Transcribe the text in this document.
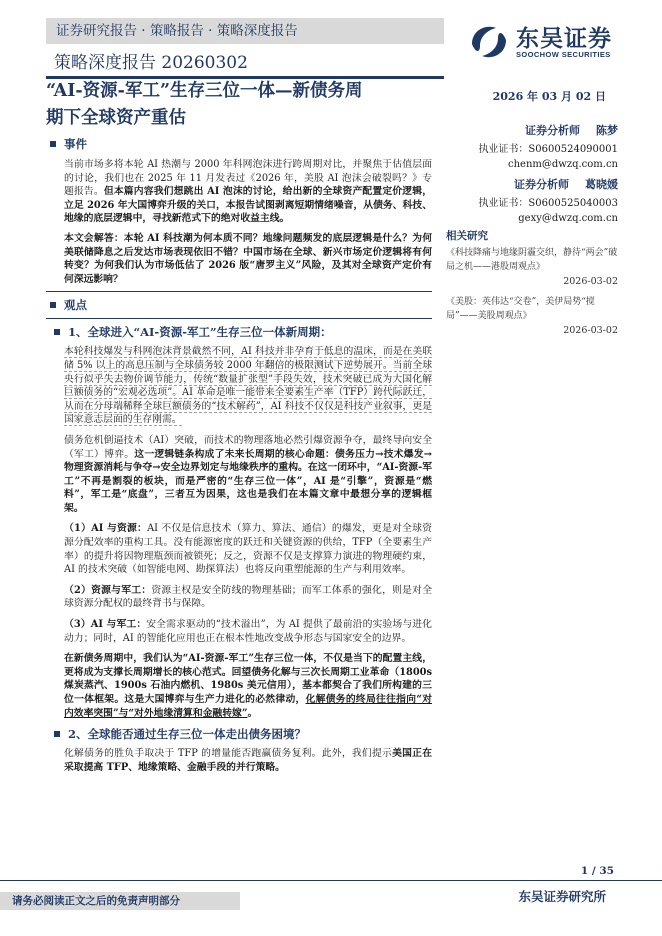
证券研究报告 · 策略报告 · 策略深度报告
策略深度报告 20260302
东吴证券
SOOCHOW SECURITIES
“AI-资源-军工”生存三位一体—新债务周
期下全球资产重估
2026 年 03 月 02 日
证券分析师 陈梦
执业证书：S0600524090001
chenm@dwzq.com.cn
证券分析师 葛晓媛
执业证书：S0600525040003
gexy@dwzq.com.cn
相关研究
《科技降痛与地缘阴霾交织，静待“两会”破局之机——港股周观点》
2026-03-02
《美股：英伟达“交卷”，美伊局势“搅局”——美股周观点》
2026-03-02
事件

当前市场多将本轮 AI 热潮与 2000 年科网泡沫进行跨周期对比，并聚焦于估值层面的讨论，我们也在 2025 年 11 月发表过《2026 年，美股 AI 泡沫会破裂吗？》专题报告。但本篇内容我们想跳出 AI 泡沫的讨论，给出新的全球资产配置定价逻辑，立足 2026 年大国博弈升级的关口，本报告试图剥离短期情绪噪音，从债务、科技、地缘的底层逻辑中，寻找新范式下的绝对收益主线。

本文会解答：本轮 AI 科技潮为何本质不同？地缘问题频发的底层逻辑是什么？为何美联储降息之后发达市场表现依旧不错？中国市场在全球、新兴市场定价逻辑将有何转变？为何我们认为市场低估了 2026 版“唐罗主义”风险，及其对全球资产定价有何深远影响？

观点
1、全球进入“AI-资源-军工”生存三位一体新周期：

本轮科技爆发与科网泡沫背景截然不同，AI 科技并非孕育于低息的温床，而是在美联储 5% 以上的高息压制与全球债务较 2000 年翻倍的极限测试下逆势展开。当前全球央行似乎失去物价调节能力，传统“数量扩张型”手段失效，技术突破已成为大国化解巨额债务的“宏观必选项”。AI 革命是唯一能带来全要素生产率（TFP）跨代际跃迁，从而在分母端稀释全球巨额债务的“技术解药”，AI 科技不仅仅是科技产业叙事，更是国家意志层面的生存刚需。

债务危机倒逼技术（AI）突破，而技术的物理落地必然引爆资源争夺，最终导向安全（军工）博弈。这一逻辑链条构成了未来长周期的核心命题：债务压力→技术爆发→物理资源消耗与争夺→安全边界划定与地缘秩序的重构。在这一闭环中，“AI-资源-军工”不再是割裂的板块，而是严密的“生存三位一体”，AI 是“引擎”，资源是“燃料”，军工是“底盘”，三者互为因果，这也是我们在本篇文章中最想分享的逻辑框架。

（1）AI 与资源：AI 不仅是信息技术（算力、算法、通信）的爆发，更是对全球资源分配效率的重构工具。没有能源密度的跃迁和关键资源的供给，TFP（全要素生产率）的提升将因物理瓶颈而被锁死；反之，资源不仅是支撑算力演进的物理硬约束，AI 的技术突破（如智能电网、勘探算法）也将反向重塑能源的生产与利用效率。

（2）资源与军工：资源主权是安全防线的物理基础；而军工体系的强化，则是对全球资源分配权的最终背书与保障。

（3）AI 与军工：安全需求驱动的“技术溢出”，为 AI 提供了最前沿的实验场与进化动力；同时，AI 的智能化应用也正在根本性地改变战争形态与国家安全的边界。

在新债务周期中，我们认为“AI-资源-军工”生存三位一体，不仅是当下的配置主线，更将成为支撑长周期增长的核心范式。回望债务化解与三次长周期工业革命（1800s 煤炭蒸汽、1900s 石油内燃机、1980s 美元信用），基本都契合了我们所构建的三位一体框架。这是大国博弈与生产力进化的必然律动，化解债务的终局往往指向“对内效率突围”与“对外地缘清算和金融转嫁”。

2、全球能否通过生存三位一体走出债务困境？

化解债务的胜负手取决于 TFP 的增量能否跑赢债务复利。此外，我们提示美国正在采取提高 TFP、地缘策略、金融手段的并行策略。

1 / 35
请务必阅读正文之后的免责声明部分	东吴证券研究所
